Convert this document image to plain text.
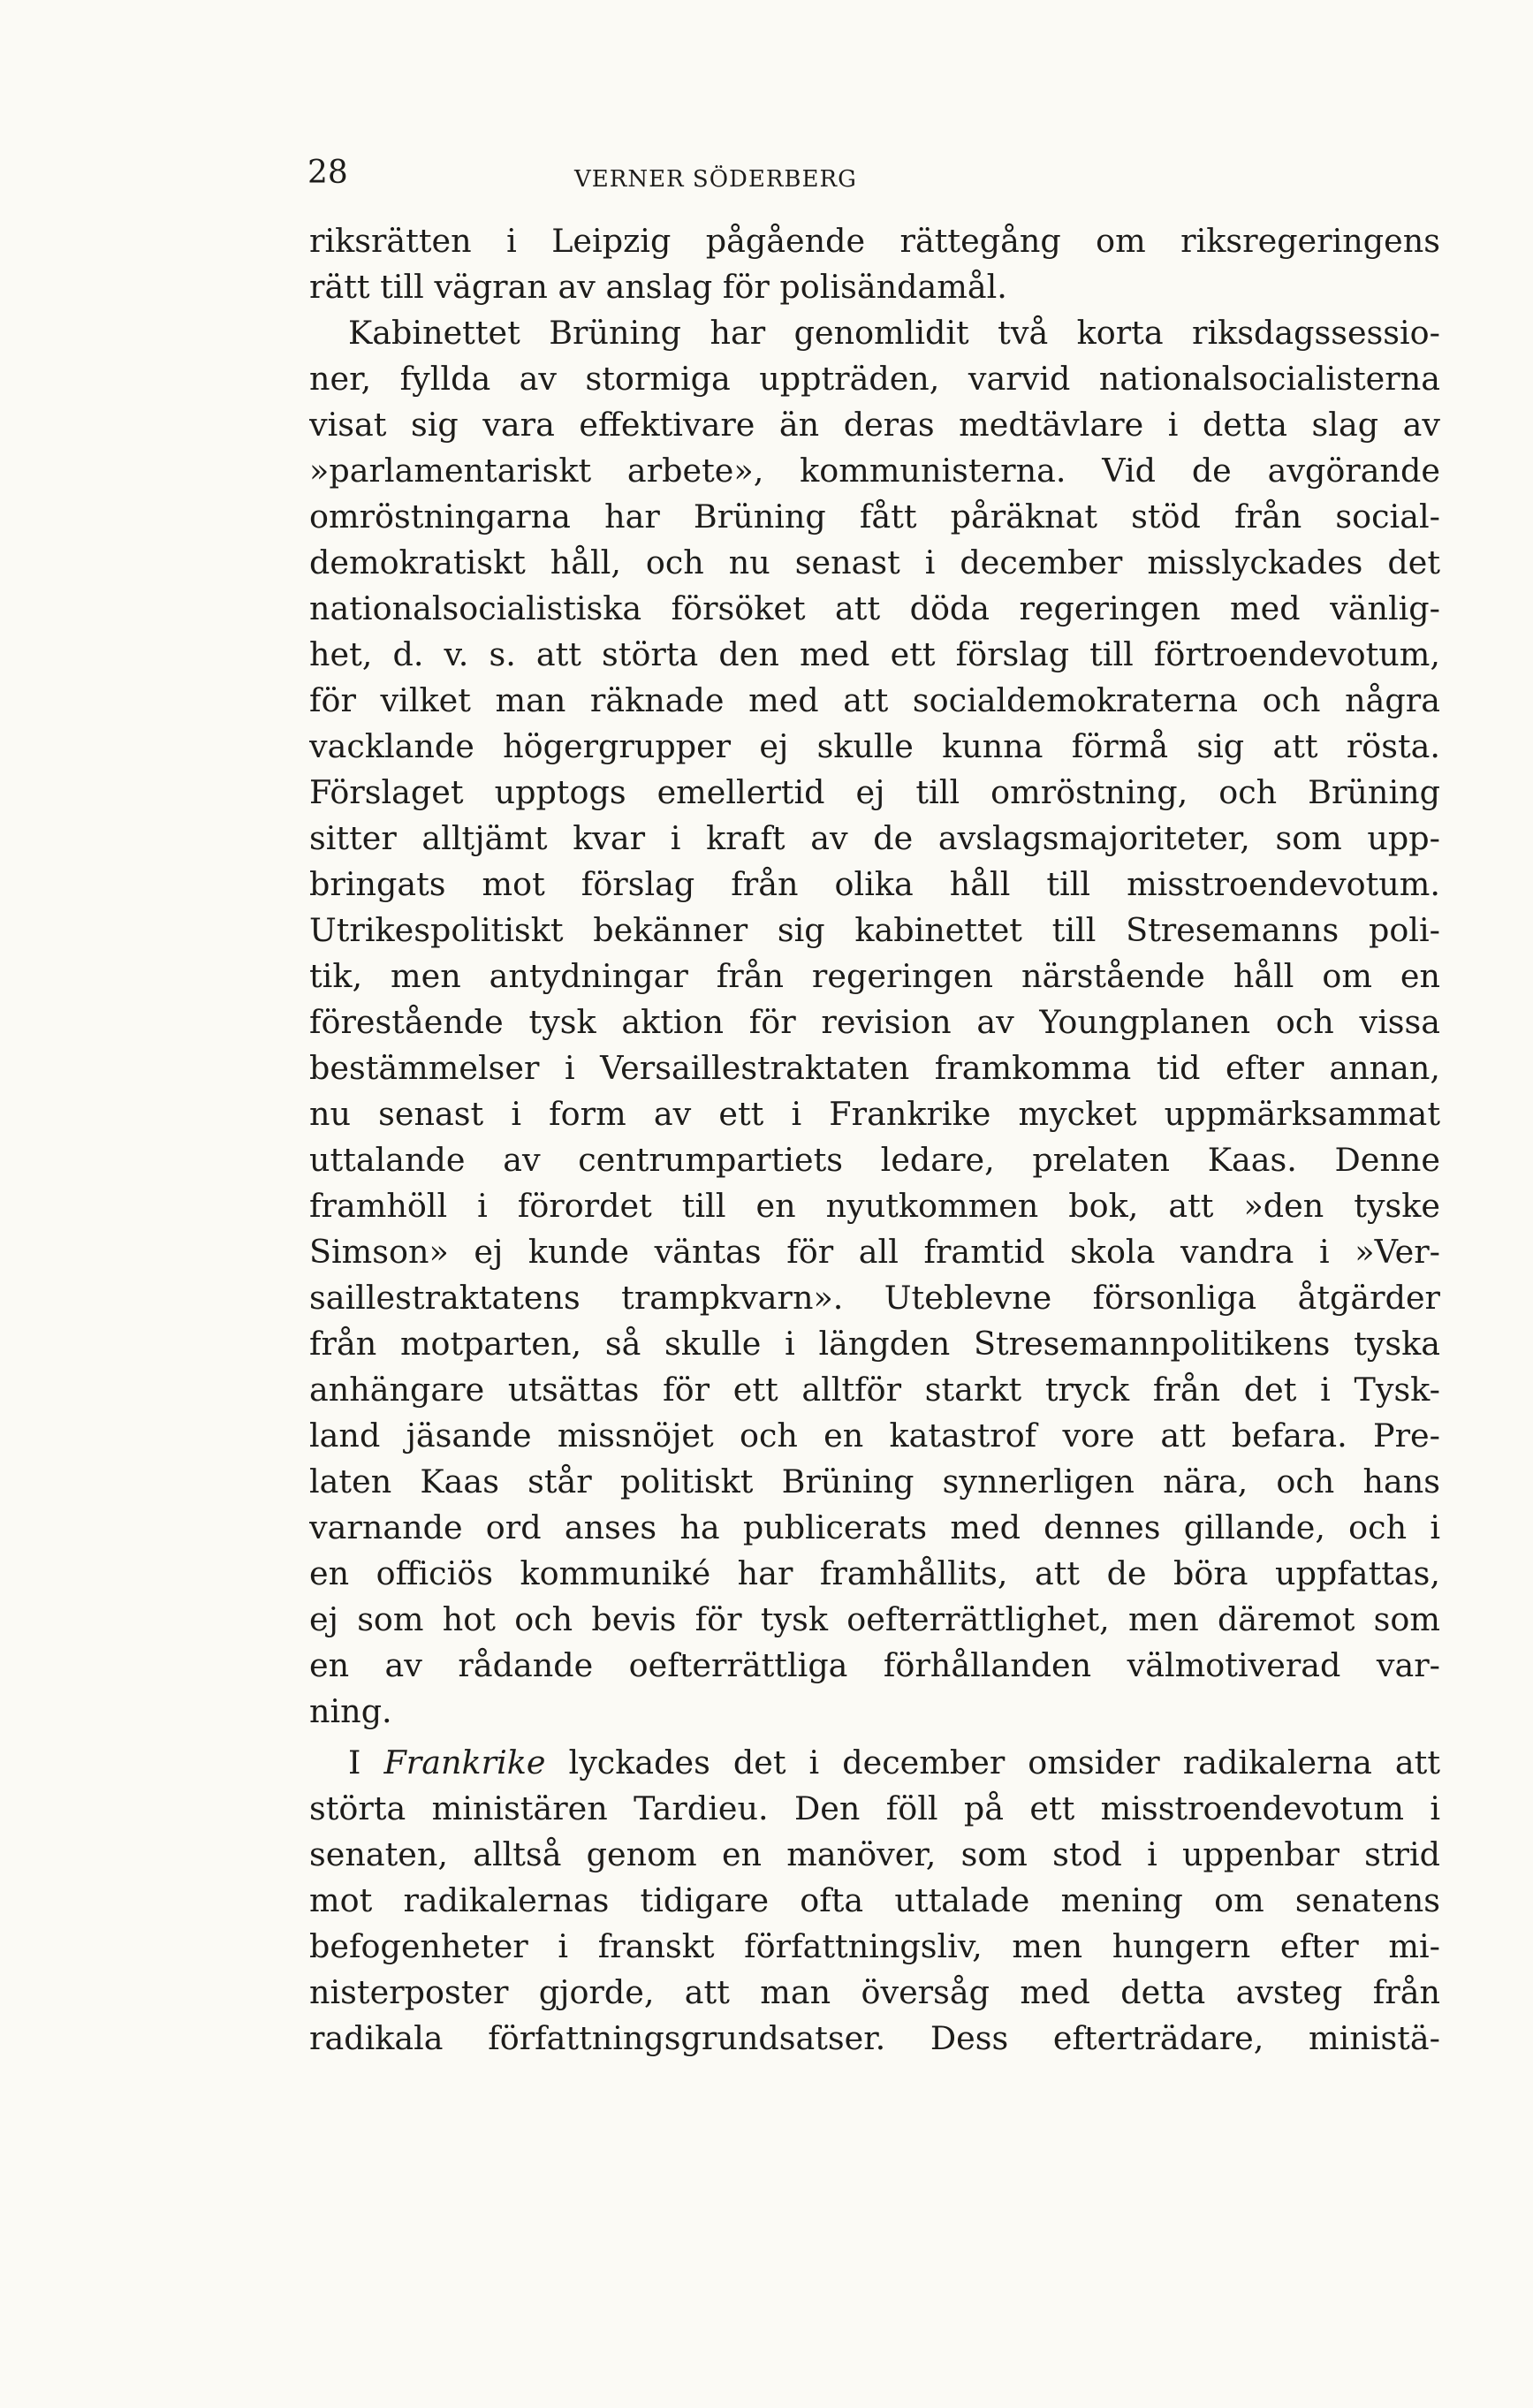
28	VERNER SÖDERBERG
riksrätten i Leipzig pågående rättegång om riksregeringens
rätt till vägran av anslag för polisändamål.
Kabinettet Brüning har genomlidit två korta riksdagssessio-
ner, fyllda av stormiga uppträden, varvid nationalsocialisterna
visat sig vara effektivare än deras medtävlare i detta slag av
»parlamentariskt arbete», kommunisterna. Vid de avgörande
omröstningarna har Brüning fått påräknat stöd från social-
demokratiskt håll, och nu senast i december misslyckades det
nationalsocialistiska försöket att döda regeringen med vänlig-
het, d. v. s. att störta den med ett förslag till förtroendevotum,
för vilket man räknade med att socialdemokraterna och några
vacklande högergrupper ej skulle kunna förmå sig att rösta.
Förslaget upptogs emellertid ej till omröstning, och Brüning
sitter alltjämt kvar i kraft av de avslagsmajoriteter, som upp-
bringats mot förslag från olika håll till misstroendevotum.
Utrikespolitiskt bekänner sig kabinettet till Stresemanns poli-
tik, men antydningar från regeringen närstående håll om en
förestående tysk aktion för revision av Youngplanen och vissa
bestämmelser i Versaillestraktaten framkomma tid efter annan,
nu senast i form av ett i Frankrike mycket uppmärksammat
uttalande av centrumpartiets ledare, prelaten Kaas. Denne
framhöll i förordet till en nyutkommen bok, att »den tyske
Simson» ej kunde väntas för all framtid skola vandra i »Ver-
saillestraktatens trampkvarn». Uteblevne försonliga åtgärder
från motparten, så skulle i längden Stresemannpolitikens tyska
anhängare utsättas för ett alltför starkt tryck från det i Tysk-
land jäsande missnöjet och en katastrof vore att befara. Pre-
laten Kaas står politiskt Brüning synnerligen nära, och hans
varnande ord anses ha publicerats med dennes gillande, och i
en officiös kommuniké har framhållits, att de böra uppfattas,
ej som hot och bevis för tysk oefterrättlighet, men däremot som
en av rådande oefterrättliga förhållanden välmotiverad var-
ning.
I Frankrike lyckades det i december omsider radikalerna att
störta ministären Tardieu. Den föll på ett misstroendevotum i
senaten, alltså genom en manöver, som stod i uppenbar strid
mot radikalernas tidigare ofta uttalade mening om senatens
befogenheter i franskt författningsliv, men hungern efter mi-
nisterposter gjorde, att man översåg med detta avsteg från
radikala författningsgrundsatser. Dess efterträdare, ministä-
